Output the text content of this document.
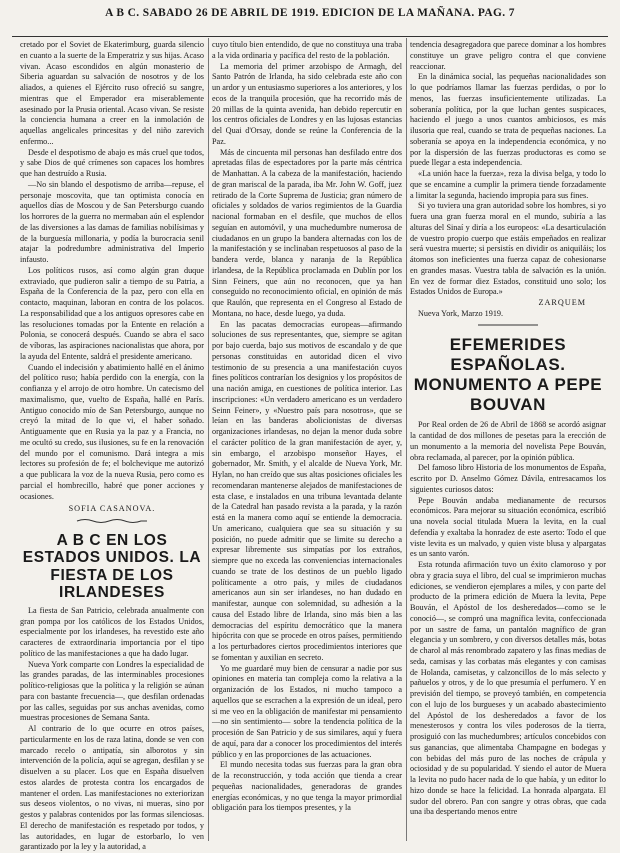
A B C. SABADO 26 DE ABRIL DE 1919. EDICION DE LA MAÑANA. PAG. 7

cretado por el Soviet de Ekaterimburg, guarda silencio en cuanto a la suerte de la Emperatriz y sus hijas. Acaso vivan. Acaso escondidos en algún monasterio de Siberia aguardan su salvación de nosotros y de los aliados, a quienes el Ejército ruso ofreció su sangre, mientras que el Emperador era miserablemente asesinado por la Prusia oriental. Acaso vivan. Se resiste la conciencia humana a creer en la inmolación de aquellas angelicales princesitas y del niño zarevich enfermo...

Desde el despotismo de abajo es más cruel que todos, y sabe Dios de qué crímenes son capaces los hombres que han destruído a Rusia.

—No sin blando el despotismo de arriba—repuse, el personaje moscovita, que tan optimista conocía en aquellos días de Moscou y de San Petersburgo cuando los horrores de la guerra no mermaban aún el esplendor de las diversiones a las damas de familias nobilísimas y de la burguesía millonaria, y podía la burocracia senil atajar la podredumbre administrativa del Imperio infausto.

Los políticos rusos, así como algún gran duque extraviado, que pudieron salir a tiempo de su Patria, a España de la Conferencia de la paz, pero con ella en contacto, maquinan, laboran en contra de los polacos. La responsabilidad que a los antiguos opresores cabe en las resoluciones tomadas por la Entente en relación a Polonia, se conocerá después. Cuando se abra el saco de víboras, las aspiraciones nacionalistas que ahora, por la ayuda del Entente, saldrá el presidente americano.

Cuando el indecisión y abatimiento hallé en el ánimo del político ruso; había perdido con la energía, con la confianza y el arrojo de otro hombre. Un catecismo del maximalismo, que, vuelto de España, hallé en París. Antiguo conocido mío de San Petersburgo, aunque no creyó la mitad de lo que vi, el haber soñado. Antiguamente que en Rusia ya la paz y a Francia, no me ocultó su credo, sus ilusiones, su fe en la renovación del mundo por el comunismo. Dará integra a mis lectores su profesión de fe; el bolchevique me autorizó a que publicara la voz de la nueva Rusia, pero como es parcial el hombrecillo, habré que poner acciones y ocasiones.

SOFIA CASANOVA.

A B C EN LOS ESTADOS UNIDOS. LA FIESTA DE LOS IRLANDESES

La fiesta de San Patricio, celebrada anualmente con gran pompa por los católicos de los Estados Unidos, especialmente por los irlandeses, ha revestido este año caracteres de extraordinaria importancia por el tipo político de las manifestaciones a que ha dado lugar.

Nueva York comparte con Londres la especialidad de las grandes paradas, de las interminables procesiones político-religiosas que la política y la religión se aúnan para con bastante frecuencia—, que desfilan ordenadas por las calles, seguidas por sus anchas avenidas, como muestras procesiones de Semana Santa.

Al contrario de lo que ocurre en otros países, particularmente en los de raza latina, donde se ven con marcado recelo o antipatía, sin alborotos y sin intervención de la policía, aquí se agregan, desfilan y se disuelven a su placer. Los que en España disuelven estos alardes de protesta contra los encargados de mantener el orden. Las manifestaciones no exteriorizan sus deseos violentos, o no vivas, ni mueras, sino por gestos y palabras contenidos por las formas silenciosas. El derecho de manifestación es respetado por todos, y las autoridades, en lugar de estorbarlo, lo ven garantizado por la ley y la autoridad, a

cuyo título bien entendido, de que no constituya una traba a la vida ordinaria y pacífica del resto de la población.

La memoria del primer arzobispo de Armagh, del Santo Patrón de Irlanda, ha sido celebrada este año con un ardor y un entusiasmo superiores a los anteriores, y los ecos de la tranquila procesión, que ha recorrido más de 20 millas de la quinta avenida, han debido repercutir en los centros oficiales de Londres y en las lujosas estancias del Quai d'Orsay, donde se reúne la Conferencia de la Paz.

Más de cincuenta mil personas han desfilado entre dos apretadas filas de espectadores por la parte más céntrica de Manhattan. A la cabeza de la manifestación, haciendo de gran mariscal de la parada, iba Mr. John W. Goff, juez retirado de la Corte Suprema de Justicia; gran número de oficiales y soldados de varios regimientos de la Guardia nacional formaban en el desfile, que muchos de ellos seguían en automóvil, y una muchedumbre numerosa de ciudadanos en un grupo la bandera alternadas con los de la manifestación y se inclinaban respetuosos al paso de la bandera verde, blanca y naranja de la República irlandesa, de la República proclamada en Dublín por los Sinn Feiners, que aún no reconocen, que ya han conseguido no reconocimiento oficial, en opinión de más que Raulón, que representa en el Congreso al Estado de Montana, no hace, desde luego, ya duda.

En las pacatas democracias europeas—afirmando soluciones de sus representantes, que, siempre se agitan por bajo cuerda, bajo sus motivos de escandalo y de que personas constituidas en autoridad dicen el vivo testimonio de su presencia a una manifestación cuyos fines políticos contrarían los designios y los propósitos de una nación amiga, en cuestiones de política interior. Las inscripciones: «Un verdadero americano es un verdadero Seinn Feiner», y «Nuestro país para nosotros», que se leían en las banderas abolicionistas de diversas organizaciones irlandesas, no dejan la menor duda sobre el carácter político de la gran manifestación de ayer, y, sin embargo, el arzobispo monseñor Hayes, el gobernador, Mr. Smith, y el alcalde de Nueva York, Mr. Hylan, no han creído que sus altas posiciones oficiales les recomendaran mantenerse alejados de manifestaciones de esta clase, e instalados en una tribuna levantada delante de la Catedral han pasado revista a la parada, y la razón está en la manera como aquí se entiende la democracia. Un americano, cualquiera que sea su situación y su posición, no puede admitir que se limite su derecho a expresar libremente sus simpatías por los extraños, siempre que no exceda las conveniencias internacionales cuando se trate de los destinos de un pueblo ligado políticamente a otro país, y miles de ciudadanos americanos aun sin ser irlandeses, no han dudado en manifestar, aunque con solemnidad, su adhesión a la causa del Estado libre de Irlanda, sino más bien a las democracias del espíritu democrático que la manera hipócrita con que se procede en otros países, permitiendo a los perturbadores ciertos procedimientos interiores que se fomentan y auxilian en secreto.

Yo me guardaré muy bien de censurar a nadie por sus opiniones en materia tan compleja como la relativa a la organización de los Estados, ni mucho tampoco a aquellos que se escrachen a la expresión de un ideal, pero si me veo en la obligación de manifestar mi pensamiento—no sin sentimiento— sobre la tendencia política de la procesión de San Patricio y de sus similares, aquí y fuera de aquí, para dar a conocer los procedimientos del interés público y en las proporciones de las actuaciones.

El mundo necesita todas sus fuerzas para la gran obra de la reconstrucción, y toda acción que tienda a crear pequeñas nacionalidades, generadoras de grandes energías económicas, y no que tenga la mayor primordial obligación para los tiempos presentes, y la

tendencia desagregadora que parece dominar a los hombres constituye un grave peligro contra el que conviene reaccionar.

En la dinámica social, las pequeñas nacionalidades son lo que podríamos llamar las fuerzas perdidas, o por lo menos, las fuerzas insuficientemente utilizadas. La soberanía política, por la que luchan gentes suspicaces, haciendo el juego a unos cuantos ambiciosos, es más ilusoria que real, cuando se trata de pequeñas naciones. La soberanía se apoya en la independencia económica, y no por la dispersión de las fuerzas productoras es como se puede llegar a esta independencia.

«La unión hace la fuerza», reza la divisa belga, y todo lo que se encamine a cumplir la primera tiende forzadamente a limitar la segunda, haciendo impropia para sus fines.

Si yo tuviera una gran autoridad sobre los hombres, si yo fuera una gran fuerza moral en el mundo, subiría a las alturas del Sinaí y diría a los europeos: «La desarticulación de vuestro propio cuerpo que estáis empeñados en realizar será vuestra muerte; si persistís en dividir os aniquiláis; los átomos son ineficientes una fuerza capaz de cohesionarse en grandes masas. Vuestra tabla de salvación es la unión. En vez de formar diez Estados, constituid uno solo; los Estados Unidos de Europa.»

ZARQUEM

Nueva York, Marzo 1919.

EFEMERIDES ESPAÑOLAS. MONUMENTO A PEPE BOUVAN

Por Real orden de 26 de Abril de 1868 se acordó asignar la cantidad de dos millones de pesetas para la erección de un monumento a la memoria del novelista Pepe Bouván, obra reclamada, al parecer, por la opinión pública.

Del famoso libro Historia de los monumentos de España, escrito por D. Anselmo Gómez Dávila, entresacamos los siguientes curiosos datos:

Pepe Bouván andaba medianamente de recursos económicos. Para mejorar su situación económica, escribió una novela social titulada Muera la levita, en la cual defendía y exaltaba la honradez de este aserto: Todo el que viste levita es un malvado, y quien viste blusa y alpargatas es un santo varón.

Esta rotunda afirmación tuvo un éxito clamoroso y por obra y gracia suya el libro, del cual se imprimieron muchas ediciones, se vendieron ejemplares a miles, y con parte del producto de la primera edición de Muera la levita, Pepe Bouván, el Apóstol de los desheredados—como se le conoció—, se compró una magnífica levita, confeccionada por un sastre de fama, un pantalón magnífico de gran elegancia y un sombrero, y con diversos detalles más, botas de charol al más renombrado zapatero y las finas medias de seda, camisas y las corbatas más elegantes y con camisas de Holanda, camisetas, y calzoncillos de lo más selecto y pañuelos y otros, y de lo que presumía el perfumero. Y en previsión del tiempo, se proveyó también, en competencia con el lujo de los burgueses y un acabado abastecimiento del Apóstol de los desheredados a favor de los menesterosos y contra los viles poderosos de la tierra, prosiguió con las muchedumbres; artículos concebidos con sus ganancias, que alimentaba Champagne en bodegas y con bebidas del más puro de las noches de crápula y ociosidad y de su popularidad. Y siendo el autor de Muera la levita no pudo hacer nada de lo que había, y un editor lo hizo donde se hace la felicidad. La honrada alpargata. El sudor del obrero. Pan con sangre y otras obras, que cada una iba despertando menos entre
